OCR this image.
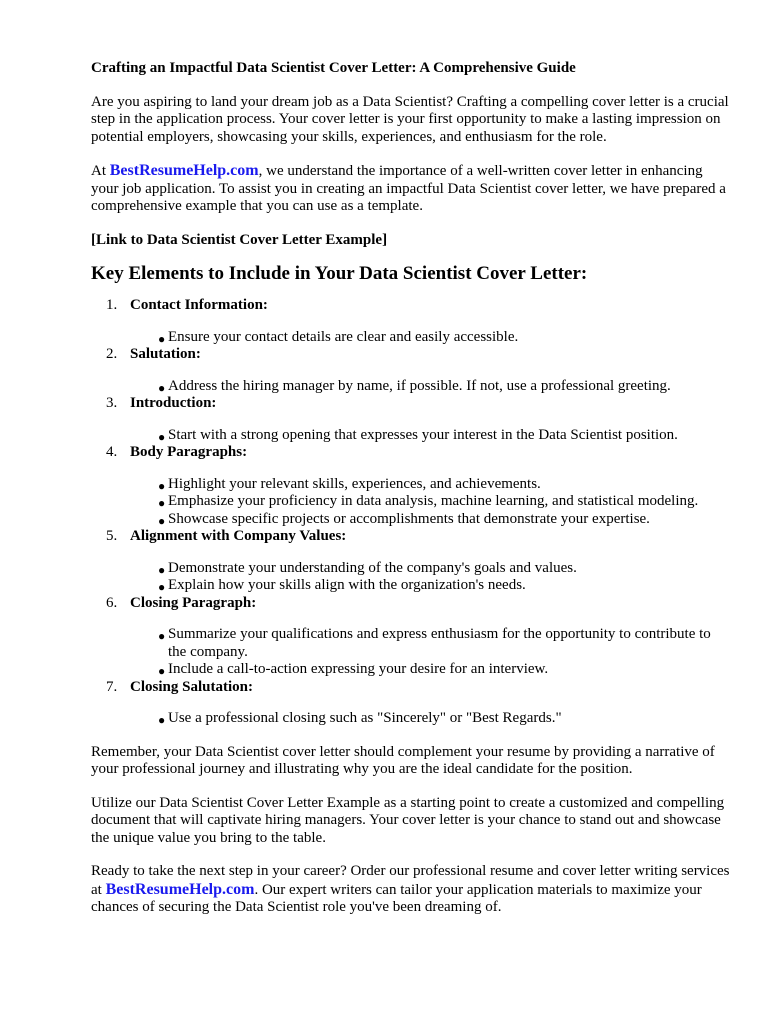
Crafting an Impactful Data Scientist Cover Letter: A Comprehensive Guide

Are you aspiring to land your dream job as a Data Scientist? Crafting a compelling cover letter is a crucial step in the application process. Your cover letter is your first opportunity to make a lasting impression on potential employers, showcasing your skills, experiences, and enthusiasm for the role.

At BestResumeHelp.com, we understand the importance of a well-written cover letter in enhancing your job application. To assist you in creating an impactful Data Scientist cover letter, we have prepared a comprehensive example that you can use as a template.

[Link to Data Scientist Cover Letter Example]

Key Elements to Include in Your Data Scientist Cover Letter:
1. Contact Information:
● Ensure your contact details are clear and easily accessible.
2. Salutation:
● Address the hiring manager by name, if possible. If not, use a professional greeting.
3. Introduction:
● Start with a strong opening that expresses your interest in the Data Scientist position.
4. Body Paragraphs:
● Highlight your relevant skills, experiences, and achievements.
● Emphasize your proficiency in data analysis, machine learning, and statistical modeling.
● Showcase specific projects or accomplishments that demonstrate your expertise.
5. Alignment with Company Values:
● Demonstrate your understanding of the company's goals and values.
● Explain how your skills align with the organization's needs.
6. Closing Paragraph:
● Summarize your qualifications and express enthusiasm for the opportunity to contribute to the company.
● Include a call-to-action expressing your desire for an interview.
7. Closing Salutation:
● Use a professional closing such as "Sincerely" or "Best Regards."

Remember, your Data Scientist cover letter should complement your resume by providing a narrative of your professional journey and illustrating why you are the ideal candidate for the position.

Utilize our Data Scientist Cover Letter Example as a starting point to create a customized and compelling document that will captivate hiring managers. Your cover letter is your chance to stand out and showcase the unique value you bring to the table.

Ready to take the next step in your career? Order our professional resume and cover letter writing services at BestResumeHelp.com. Our expert writers can tailor your application materials to maximize your chances of securing the Data Scientist role you've been dreaming of.
